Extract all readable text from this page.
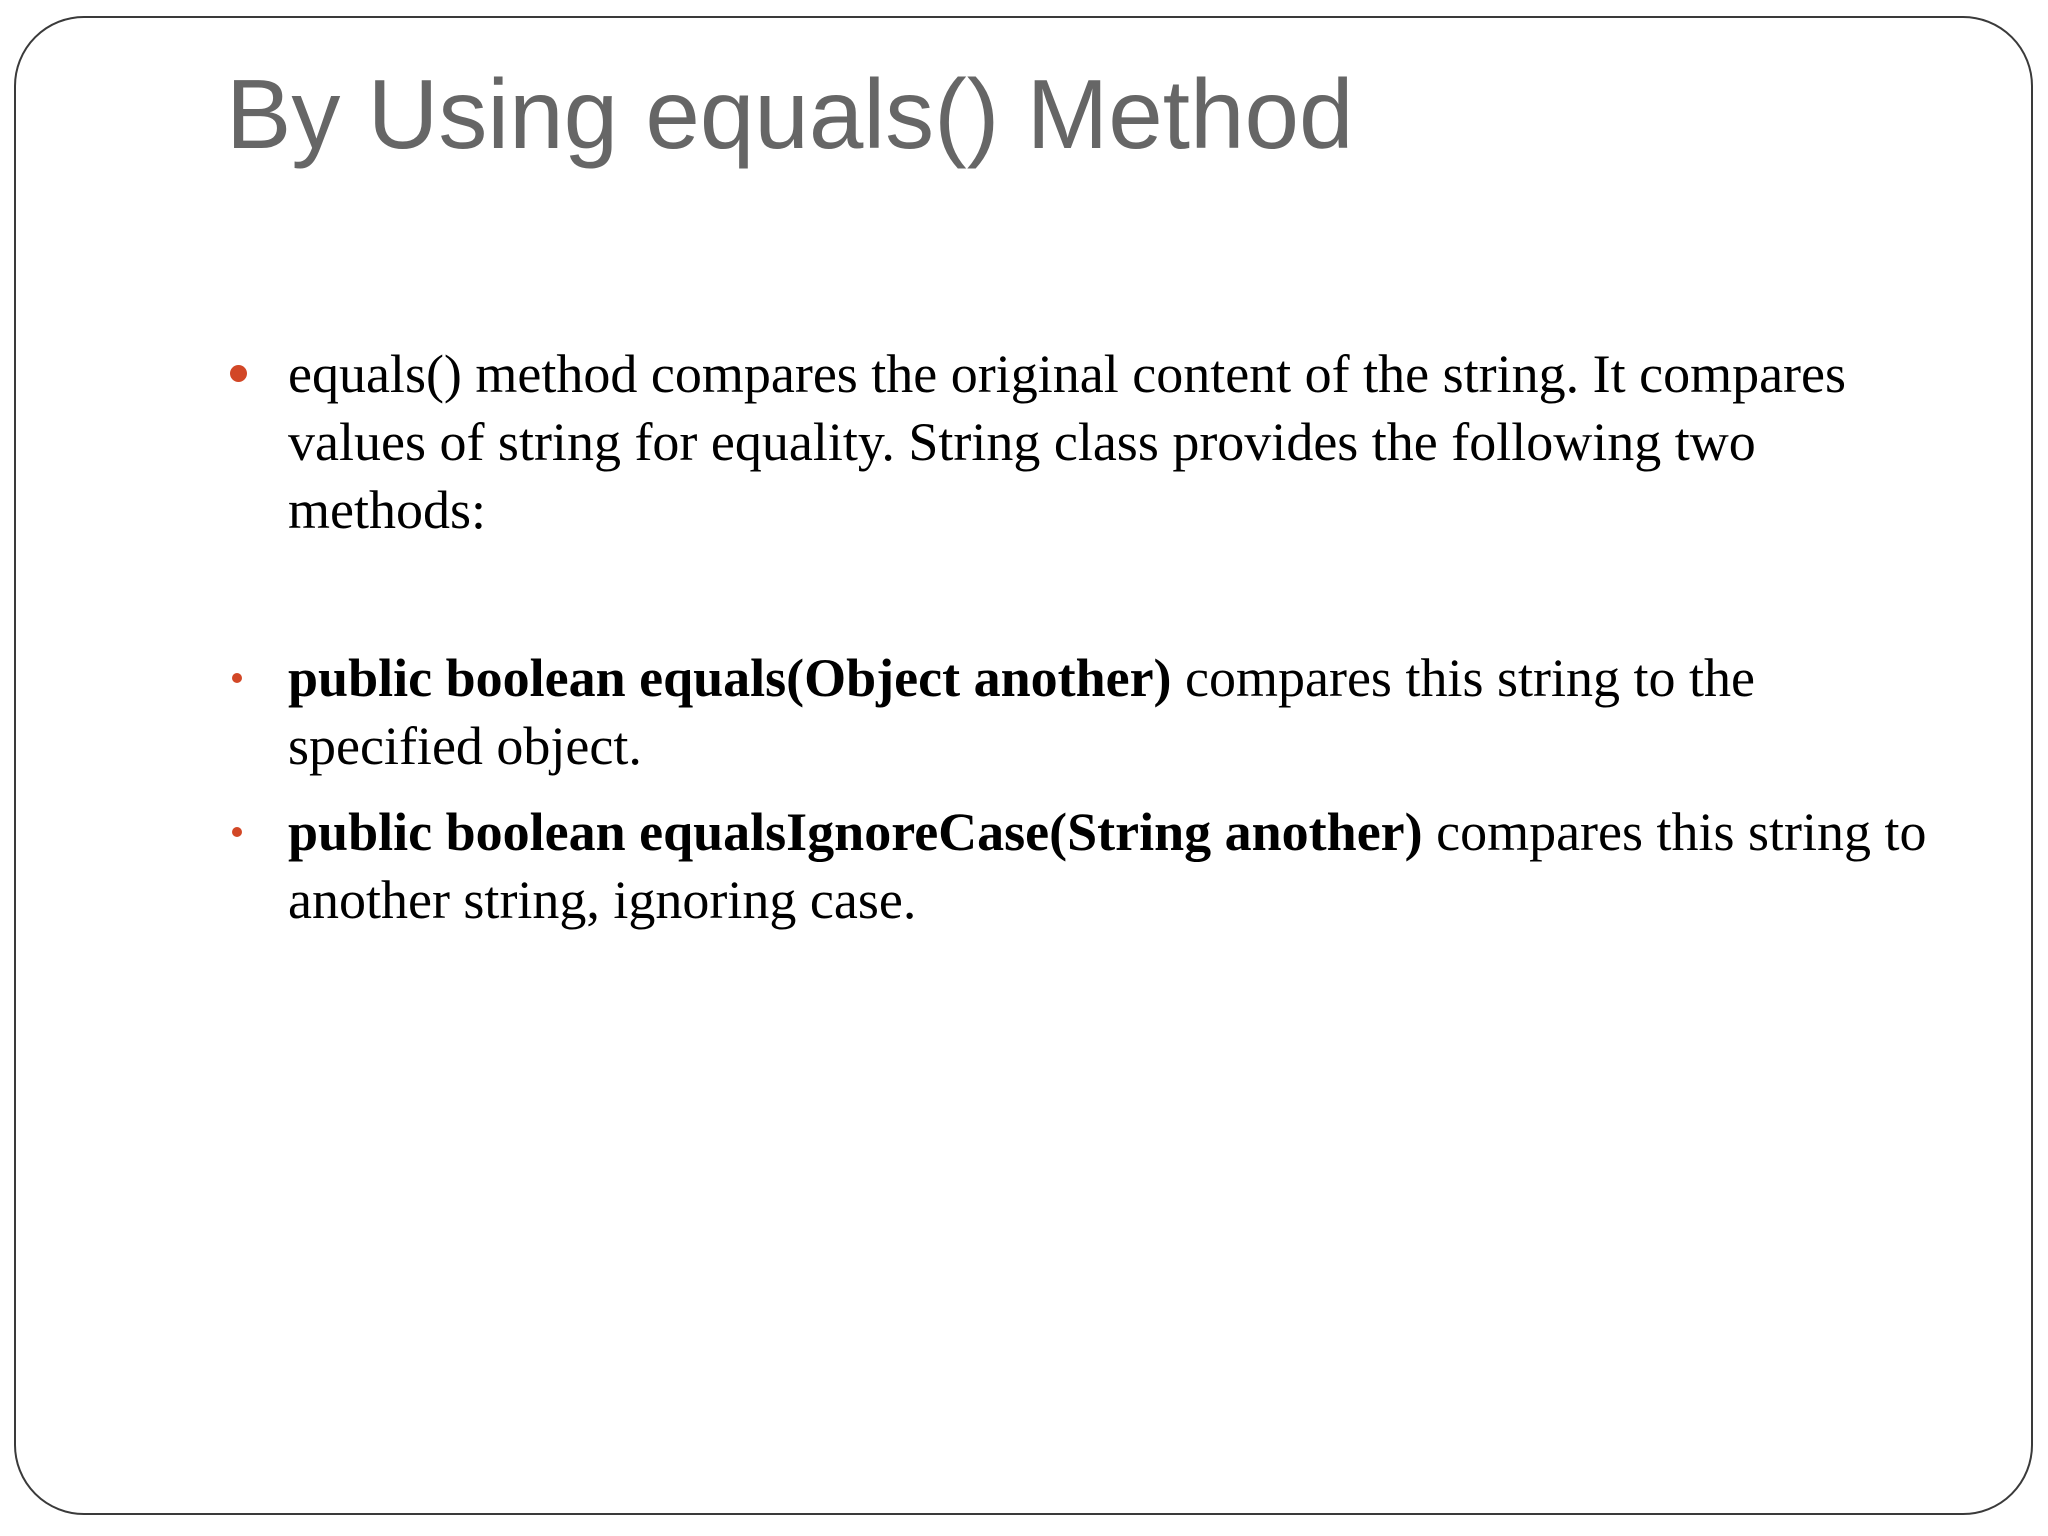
By Using equals() Method
equals() method compares the original content of the string. It compares values of string for equality. String class provides the following two methods:
public boolean equals(Object another) compares this string to the specified object.
public boolean equalsIgnoreCase(String another) compares this string to another string, ignoring case.
